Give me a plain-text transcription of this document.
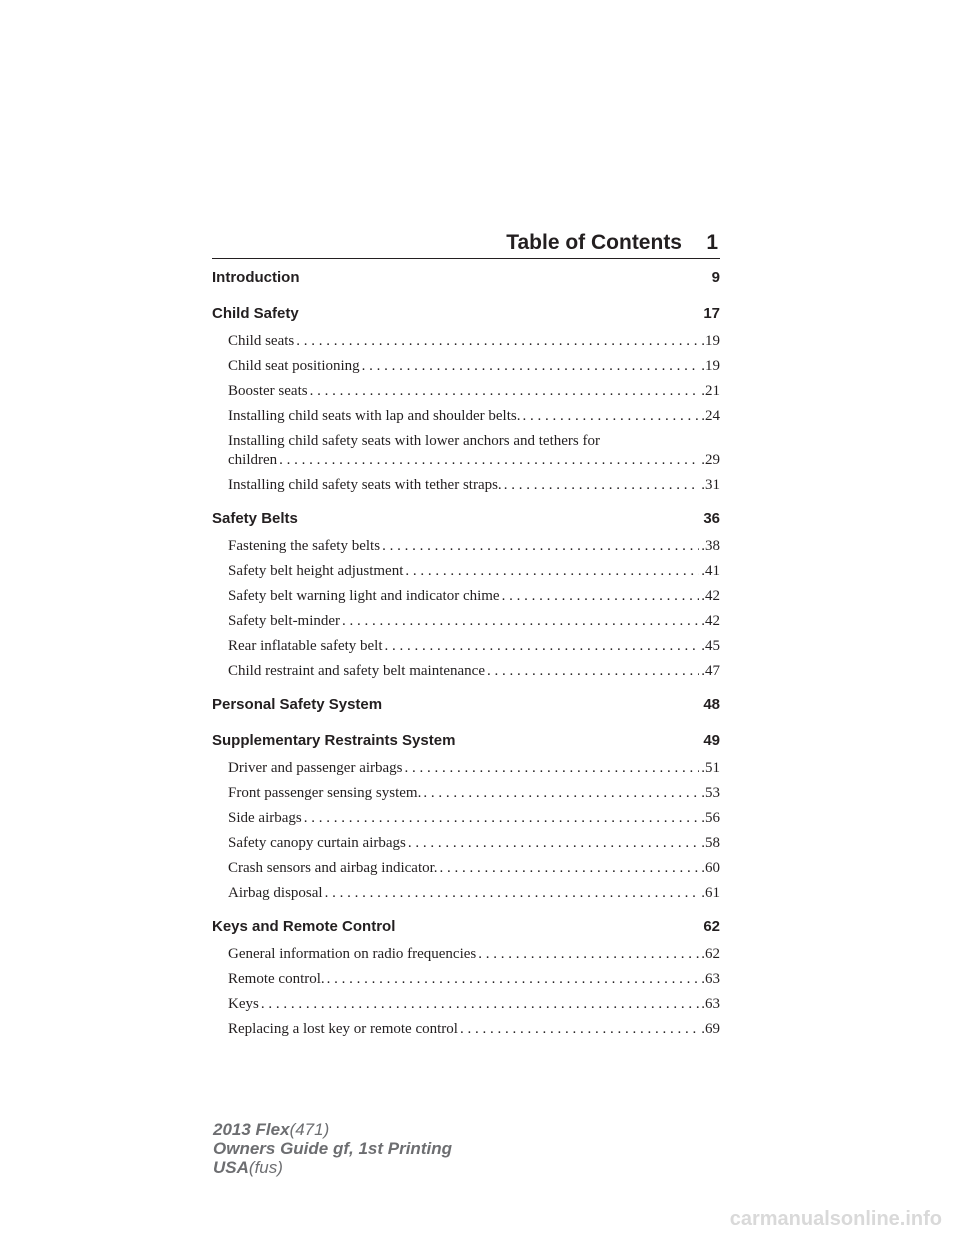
Table of Contents 1
Introduction	9
Child Safety	17
Child seats . . .	.19
Child seat positioning . . .	.19
Booster seats . . .	.21
Installing child seats with lap and shoulder belts. . . .	.24
Installing child safety seats with lower anchors and tethers for
children . . .	.29
Installing child safety seats with tether straps. . . .	.31
Safety Belts	36
Fastening the safety belts . . .	.38
Safety belt height adjustment . . .	.41
Safety belt warning light and indicator chime . . .	.42
Safety belt-minder . . .	.42
Rear inflatable safety belt . . .	.45
Child restraint and safety belt maintenance . . .	.47
Personal Safety System	48
Supplementary Restraints System	49
Driver and passenger airbags . . .	.51
Front passenger sensing system. . . .	.53
Side airbags . . .	.56
Safety canopy curtain airbags . . .	.58
Crash sensors and airbag indicator. . . .	.60
Airbag disposal . . .	.61
Keys and Remote Control	62
General information on radio frequencies . . .	.62
Remote control. . . .	.63
Keys . . .	.63
Replacing a lost key or remote control . . .	.69
2013 Flex(471)
Owners Guide gf, 1st Printing
USA(fus)
carmanualsonline.info
